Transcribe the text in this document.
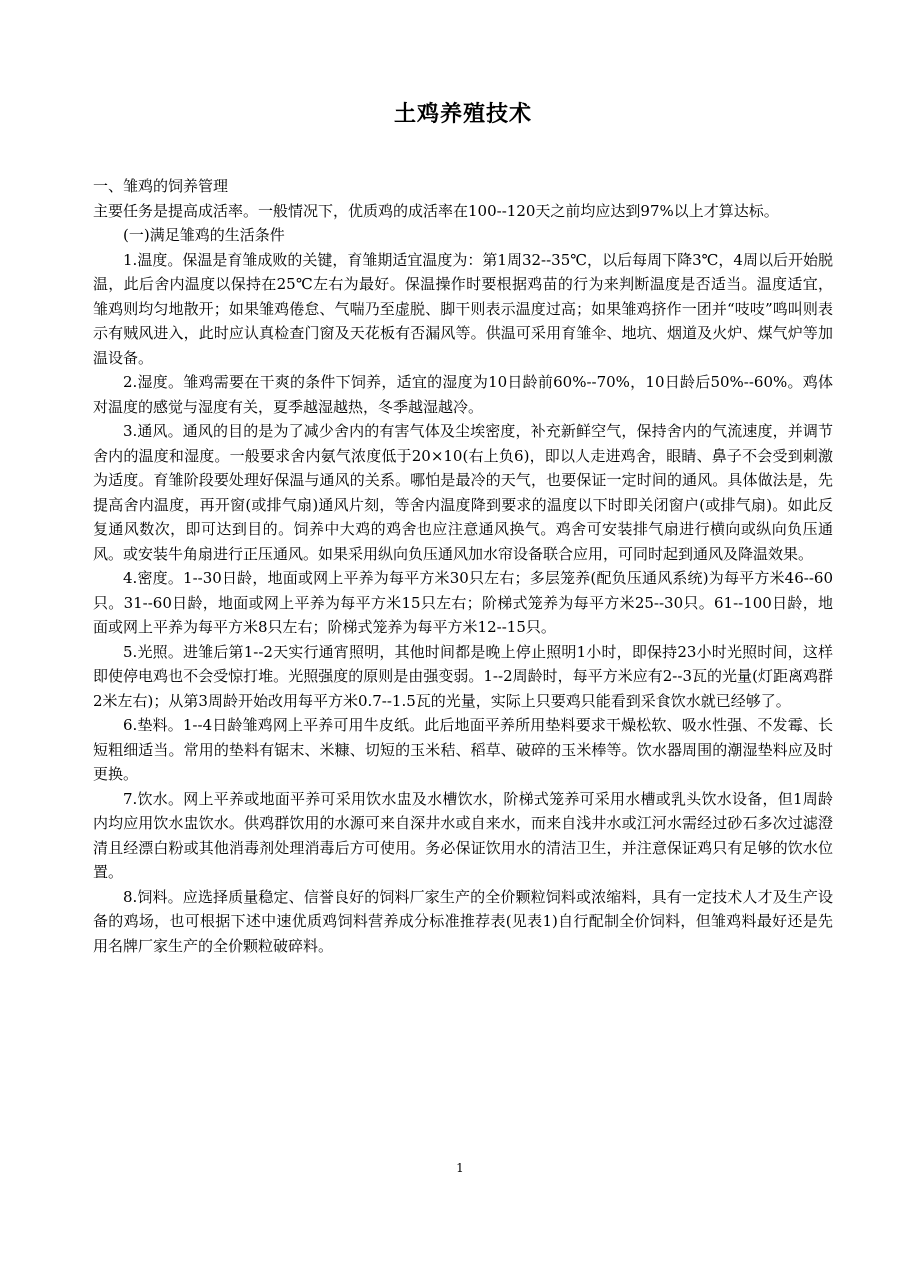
土鸡养殖技术

一、雏鸡的饲养管理

主要任务是提高成活率。一般情况下，优质鸡的成活率在100--120天之前均应达到97%以上才算达标。

(一)满足雏鸡的生活条件

1.温度。保温是育雏成败的关键，育雏期适宜温度为：第1周32--35℃，以后每周下降3℃，4周以后开始脱温，此后舍内温度以保持在25℃左右为最好。保温操作时要根据鸡苗的行为来判断温度是否适当。温度适宜，雏鸡则均匀地散开；如果雏鸡倦怠、气喘乃至虚脱、脚干则表示温度过高；如果雏鸡挤作一团并“吱吱”鸣叫则表示有贼风进入，此时应认真检查门窗及天花板有否漏风等。供温可采用育雏伞、地坑、烟道及火炉、煤气炉等加温设备。

2.湿度。雏鸡需要在干爽的条件下饲养，适宜的湿度为10日龄前60%--70%，10日龄后50%--60%。鸡体对温度的感觉与湿度有关，夏季越湿越热，冬季越湿越冷。

3.通风。通风的目的是为了减少舍内的有害气体及尘埃密度，补充新鲜空气，保持舍内的气流速度，并调节舍内的温度和湿度。一般要求舍内氨气浓度低于20×10(右上负6)，即以人走进鸡舍，眼睛、鼻子不会受到刺激为适度。育雏阶段要处理好保温与通风的关系。哪怕是最冷的天气，也要保证一定时间的通风。具体做法是，先提高舍内温度，再开窗(或排气扇)通风片刻，等舍内温度降到要求的温度以下时即关闭窗户(或排气扇)。如此反复通风数次，即可达到目的。饲养中大鸡的鸡舍也应注意通风换气。鸡舍可安装排气扇进行横向或纵向负压通风。或安装牛角扇进行正压通风。如果采用纵向负压通风加水帘设备联合应用，可同时起到通风及降温效果。

4.密度。1--30日龄，地面或网上平养为每平方米30只左右；多层笼养(配负压通风系统)为每平方米46--60只。31--60日龄，地面或网上平养为每平方米15只左右；阶梯式笼养为每平方米25--30只。61--100日龄，地面或网上平养为每平方米8只左右；阶梯式笼养为每平方米12--15只。

5.光照。进雏后第1--2天实行通宵照明，其他时间都是晚上停止照明1小时，即保持23小时光照时间，这样即使停电鸡也不会受惊打堆。光照强度的原则是由强变弱。1--2周龄时，每平方米应有2--3瓦的光量(灯距离鸡群2米左右)；从第3周龄开始改用每平方米0.7--1.5瓦的光量，实际上只要鸡只能看到采食饮水就已经够了。

6.垫料。1--4日龄雏鸡网上平养可用牛皮纸。此后地面平养所用垫料要求干燥松软、吸水性强、不发霉、长短粗细适当。常用的垫料有锯末、米糠、切短的玉米秸、稻草、破碎的玉米棒等。饮水器周围的潮湿垫料应及时更换。

7.饮水。网上平养或地面平养可采用饮水盅及水槽饮水，阶梯式笼养可采用水槽或乳头饮水设备，但1周龄内均应用饮水盅饮水。供鸡群饮用的水源可来自深井水或自来水，而来自浅井水或江河水需经过砂石多次过滤澄清且经漂白粉或其他消毒剂处理消毒后方可使用。务必保证饮用水的清洁卫生，并注意保证鸡只有足够的饮水位置。

8.饲料。应选择质量稳定、信誉良好的饲料厂家生产的全价颗粒饲料或浓缩料，具有一定技术人才及生产设备的鸡场，也可根据下述中速优质鸡饲料营养成分标准推荐表(见表1)自行配制全价饲料，但雏鸡料最好还是先用名牌厂家生产的全价颗粒破碎料。

1
